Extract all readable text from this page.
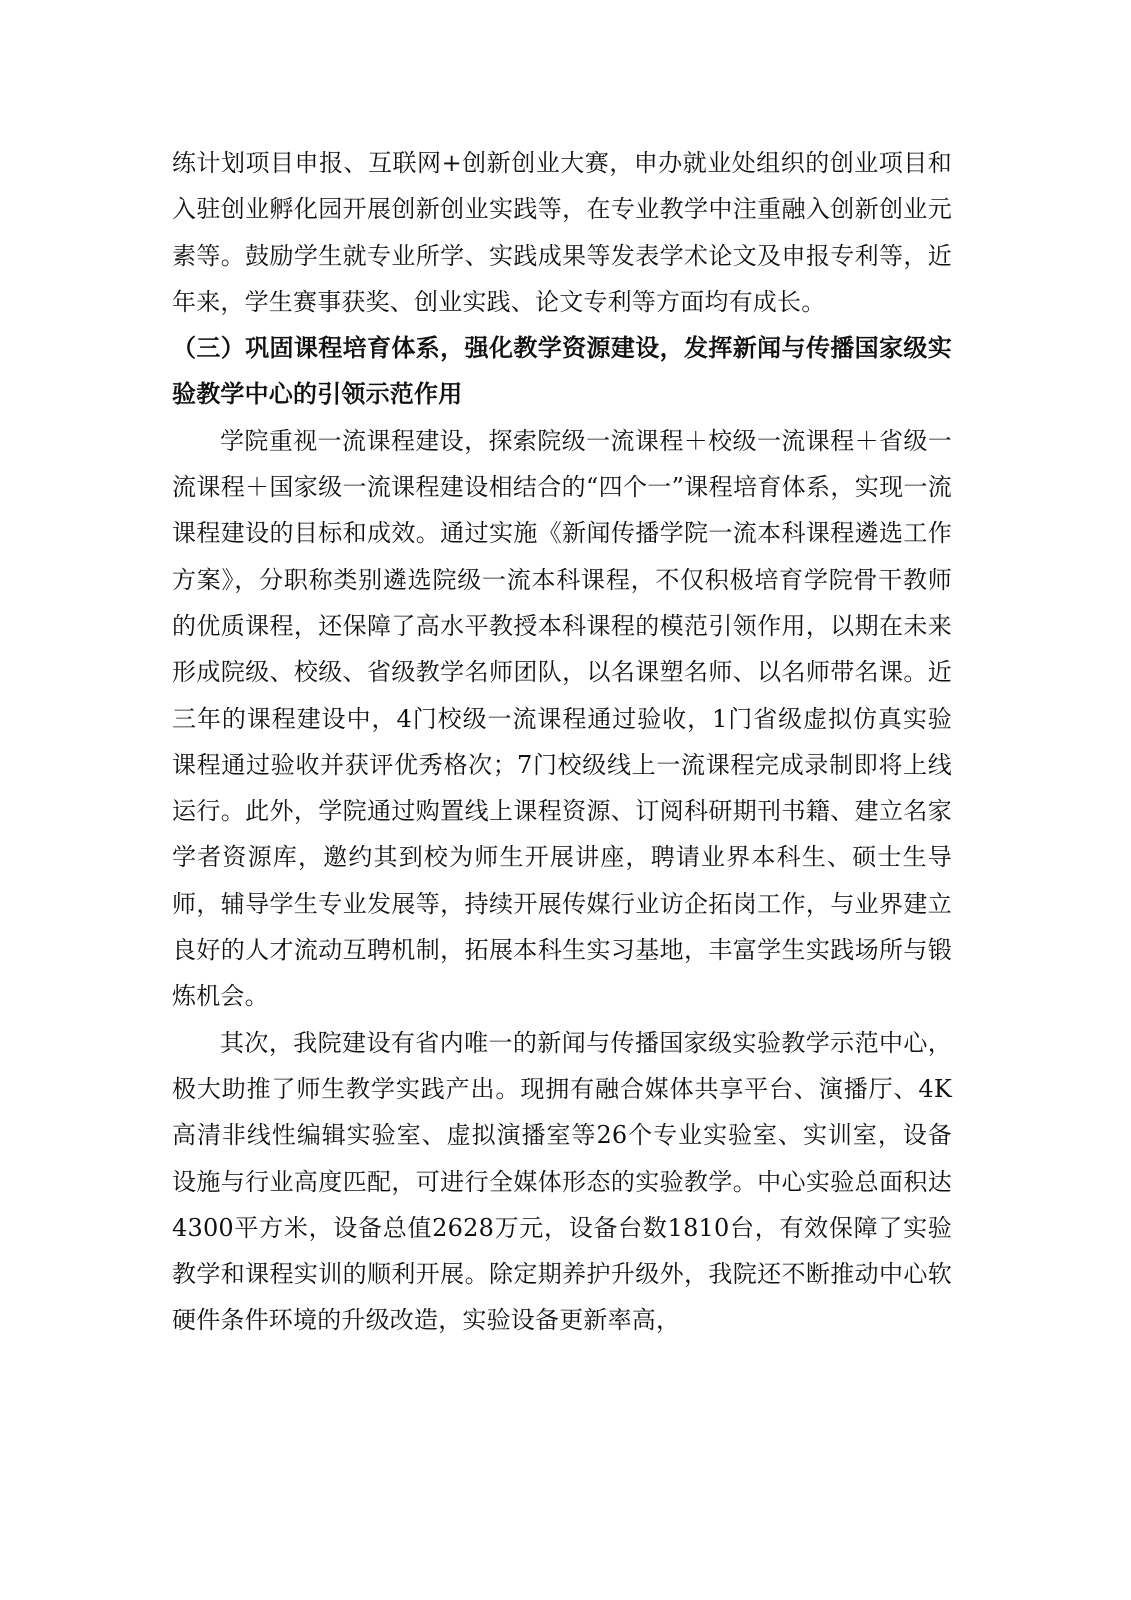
练计划项目申报、互联网+创新创业大赛，申办就业处组织的创业项目和入驻创业孵化园开展创新创业实践等，在专业教学中注重融入创新创业元素等。鼓励学生就专业所学、实践成果等发表学术论文及申报专利等，近年来，学生赛事获奖、创业实践、论文专利等方面均有成长。

（三）巩固课程培育体系，强化教学资源建设，发挥新闻与传播国家级实验教学中心的引领示范作用

学院重视一流课程建设，探索院级一流课程＋校级一流课程＋省级一流课程＋国家级一流课程建设相结合的“四个一”课程培育体系，实现一流课程建设的目标和成效。通过实施《新闻传播学院一流本科课程遴选工作方案》，分职称类别遴选院级一流本科课程，不仅积极培育学院骨干教师的优质课程，还保障了高水平教授本科课程的模范引领作用，以期在未来形成院级、校级、省级教学名师团队，以名课塑名师、以名师带名课。近三年的课程建设中，4门校级一流课程通过验收，1门省级虚拟仿真实验课程通过验收并获评优秀格次；7门校级线上一流课程完成录制即将上线运行。此外，学院通过购置线上课程资源、订阅科研期刊书籍、建立名家学者资源库，邀约其到校为师生开展讲座，聘请业界本科生、硕士生导师，辅导学生专业发展等，持续开展传媒行业访企拓岗工作，与业界建立良好的人才流动互聘机制，拓展本科生实习基地，丰富学生实践场所与锻炼机会。

其次，我院建设有省内唯一的新闻与传播国家级实验教学示范中心，极大助推了师生教学实践产出。现拥有融合媒体共享平台、演播厅、4K高清非线性编辑实验室、虚拟演播室等26个专业实验室、实训室，设备设施与行业高度匹配，可进行全媒体形态的实验教学。中心实验总面积达4300平方米，设备总值2628万元，设备台数1810台，有效保障了实验教学和课程实训的顺利开展。除定期养护升级外，我院还不断推动中心软硬件条件环境的升级改造，实验设备更新率高，
